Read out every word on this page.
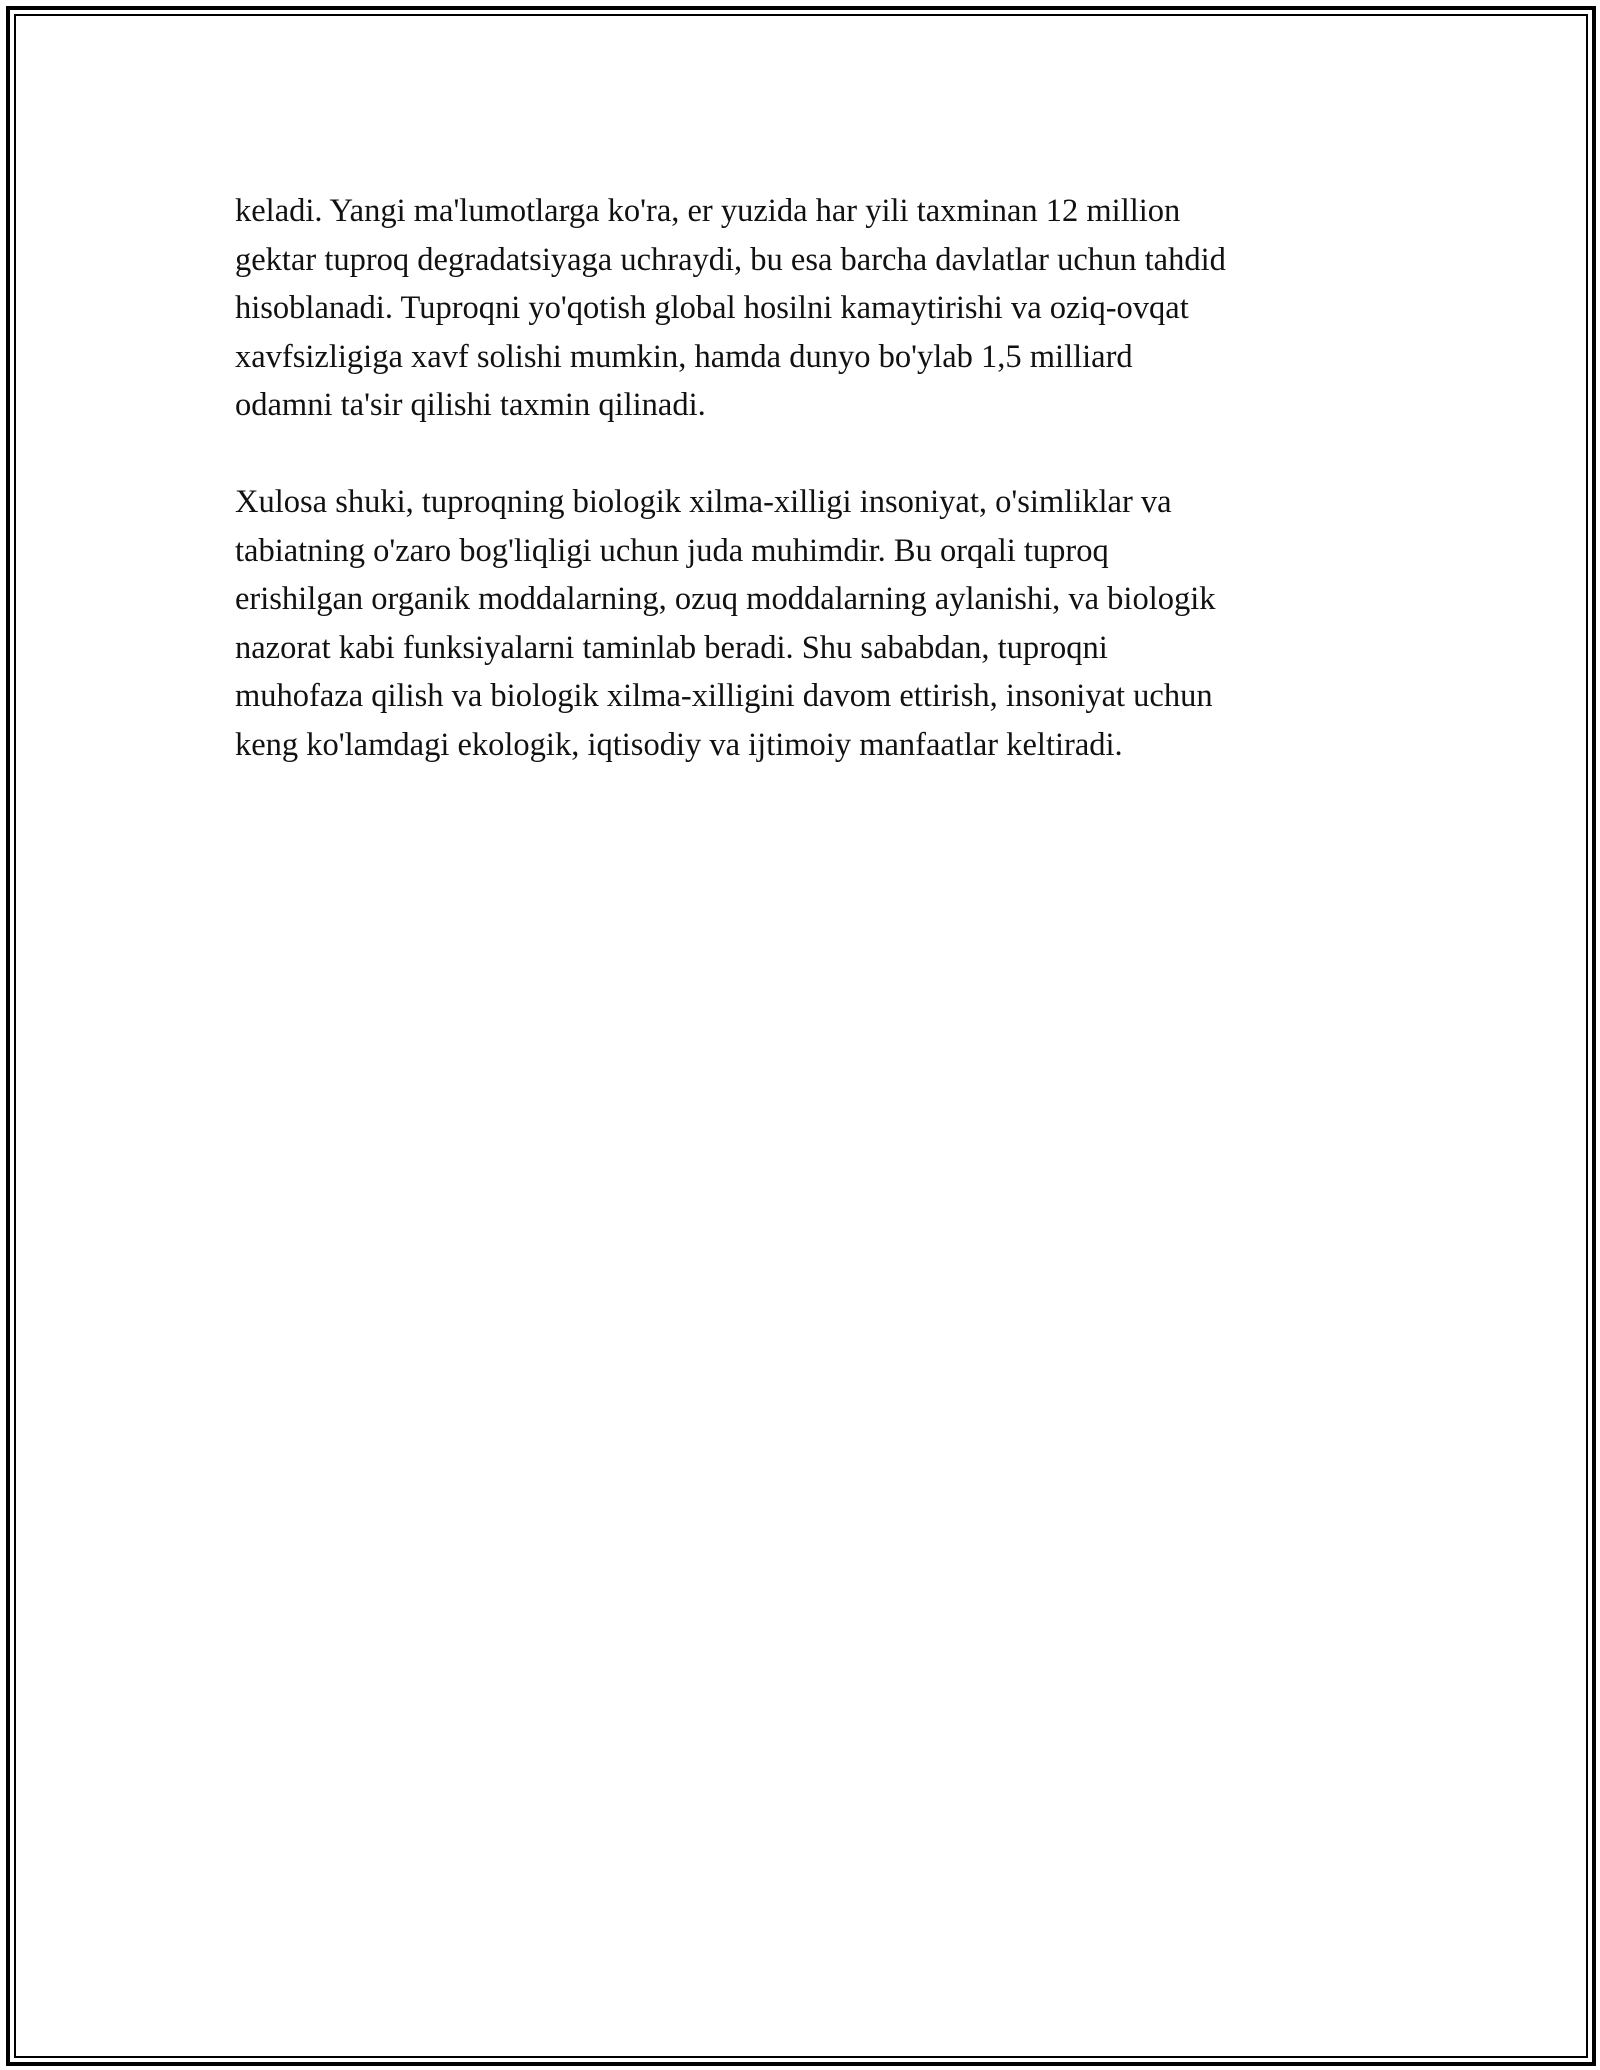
keladi. Yangi ma'lumotlarga ko'ra, er yuzida har yili taxminan 12 million
gektar tuproq degradatsiyaga uchraydi, bu esa barcha davlatlar uchun tahdid
hisoblanadi. Tuproqni yo'qotish global hosilni kamaytirishi va oziq-ovqat
xavfsizligiga xavf solishi mumkin, hamda dunyo bo'ylab 1,5 milliard
odamni ta'sir qilishi taxmin qilinadi.

Xulosa shuki, tuproqning biologik xilma-xilligi insoniyat, o'simliklar va
tabiatning o'zaro bog'liqligi uchun juda muhimdir. Bu orqali tuproq
erishilgan organik moddalarning, ozuq moddalarning aylanishi, va biologik
nazorat kabi funksiyalarni taminlab beradi. Shu sababdan, tuproqni
muhofaza qilish va biologik xilma-xilligini davom ettirish, insoniyat uchun
keng ko'lamdagi ekologik, iqtisodiy va ijtimoiy manfaatlar keltiradi.
